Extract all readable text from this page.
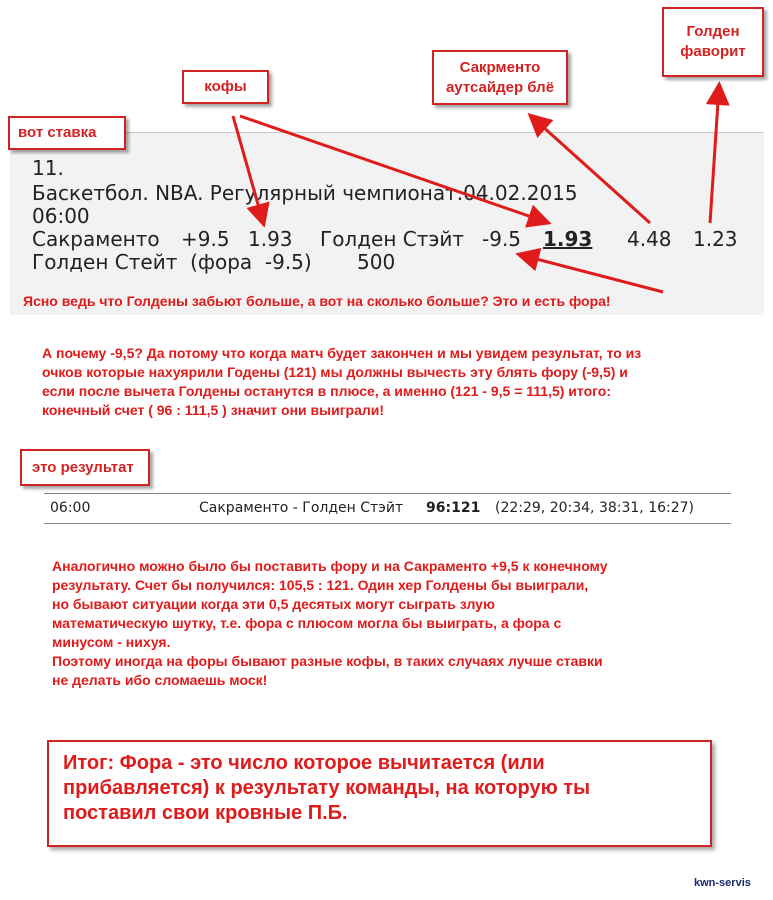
11.
Баскетбол. NBA. Регулярный чемпионат.04.02.2015
06:00
Сакраменто +9.5 1.93 Голден Стэйт -9.5 1.93 4.48 1.23
Голден Стейт  (фора  -9.5) 500
Ясно ведь что Голдены забьют больше, а вот на сколько больше? Это и есть фора!
А почему -9,5? Да потому что когда матч будет закончен и мы увидем результат, то из
очков которые нахуярили Годены (121) мы должны вычесть эту блять фору (-9,5) и
если после вычета Голдены останутся в плюсе, а именно (121 - 9,5 = 111,5) итого:
конечный счет ( 96 : 111,5 ) значит они выиграли!
06:00	Сакраменто - Голден Стэйт 96:121 (22:29, 20:34, 38:31, 16:27)
Аналогично можно было бы поставить фору и на Сакраменто +9,5 к конечному
результату. Счет бы получился: 105,5 : 121. Один хер Голдены бы выиграли,
но бывают ситуации когда эти 0,5 десятых могут сыграть злую
математическую шутку, т.е. фора с плюсом могла бы выиграть, а фора с
минусом - нихуя.
Поэтому иногда на форы бывают разные кофы, в таких случаях лучше ставки
не делать ибо сломаешь моск!
Итог: Фора - это число которое вычитается (или
прибавляется) к результату команды, на которую ты
поставил свои кровные П.Б.
kwn-servis
кофы
Сакрменто
аутсайдер блё
Голден
фаворит
вот ставка
это результат
